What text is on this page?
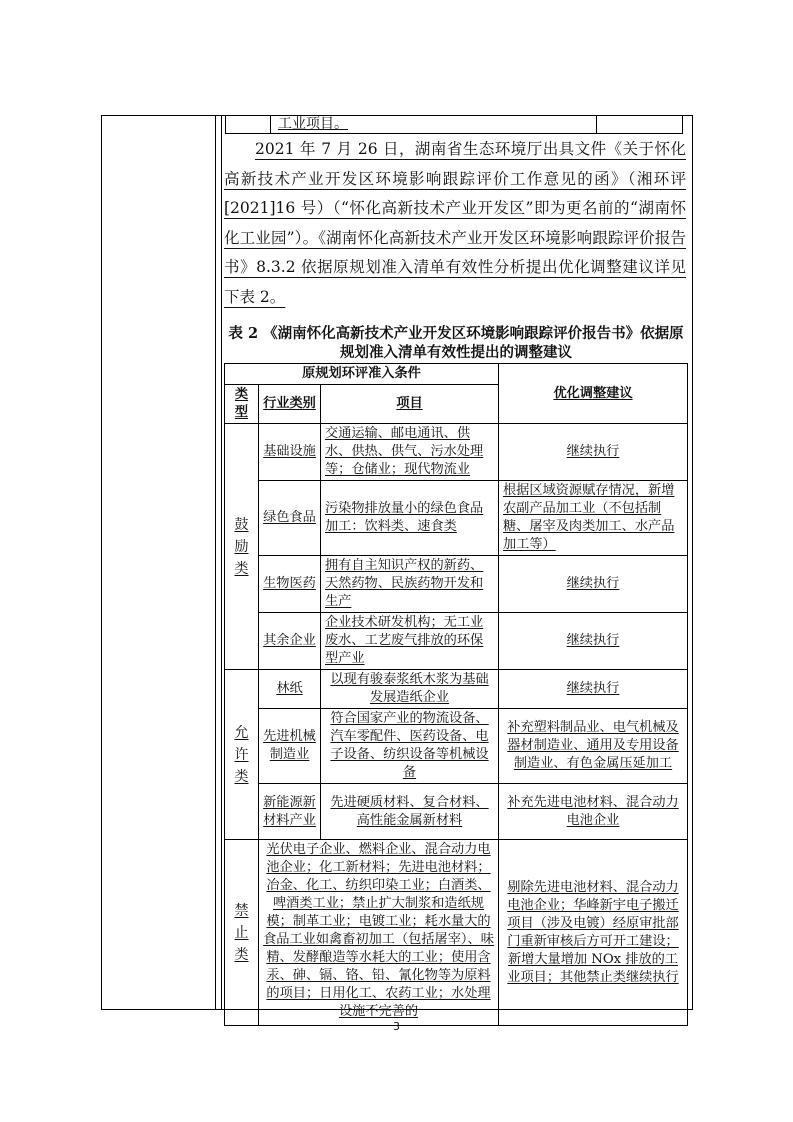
工业项目。
2021 年 7 月 26 日，湖南省生态环境厅出具文件《关于怀化高新技术产业开发区环境影响跟踪评价工作意见的函》（湘环评[2021]16 号）（“怀化高新技术产业开发区”即为更名前的“湖南怀化工业园”）。《湖南怀化高新技术产业开发区环境影响跟踪评价报告书》8.3.2 依据原规划准入清单有效性分析提出优化调整建议详见下表 2。
表 2 《湖南怀化高新技术产业开发区环境影响跟踪评价报告书》依据原规划准入清单有效性提出的调整建议
原规划环评准入条件			优化调整建议
类型	行业类别	项目	

鼓励类	基础设施	交通运输、邮电通讯、供水、供热、供气、污水处理等；仓储业；现代物流业	继续执行
	绿色食品	污染物排放量小的绿色食品加工：饮料类、速食类	根据区域资源赋存情况，新增农副产品加工业（不包括制糖、屠宰及肉类加工、水产品加工等）
	生物医药	拥有自主知识产权的新药、天然药物、民族药物开发和生产	继续执行
	其余企业	企业技术研发机构；无工业废水、工艺废气排放的环保型产业	继续执行

允许类	林纸	以现有骏泰浆纸木浆为基础发展造纸企业	继续执行
	先进机械制造业	符合国家产业的物流设备、汽车零配件、医药设备、电子设备、纺织设备等机械设备	补充塑料制品业、电气机械及器材制造业、通用及专用设备制造业、有色金属压延加工
	新能源新材料产业	先进硬质材料、复合材料、高性能金属新材料	补充先进电池材料、混合动力电池企业

禁止类	光伏电子企业、燃料企业、混合动力电池企业；化工新材料；先进电池材料；冶金、化工、纺织印染工业；白酒类、啤酒类工业；禁止扩大制浆和造纸规模；制革工业；电镀工业；耗水量大的食品工业如禽畜初加工（包括屠宰）、味精、发酵酿造等水耗大的工业；使用含汞、砷、镉、铬、铅、氰化物等为原料的项目；日用化工、农药工业；水处理设施不完善的		剔除先进电池材料、混合动力电池企业；华峰新宇电子搬迁项目（涉及电镀）经原审批部门重新审核后方可开工建设；新增大量增加 NOx 排放的工业项目；其他禁止类继续执行
3
